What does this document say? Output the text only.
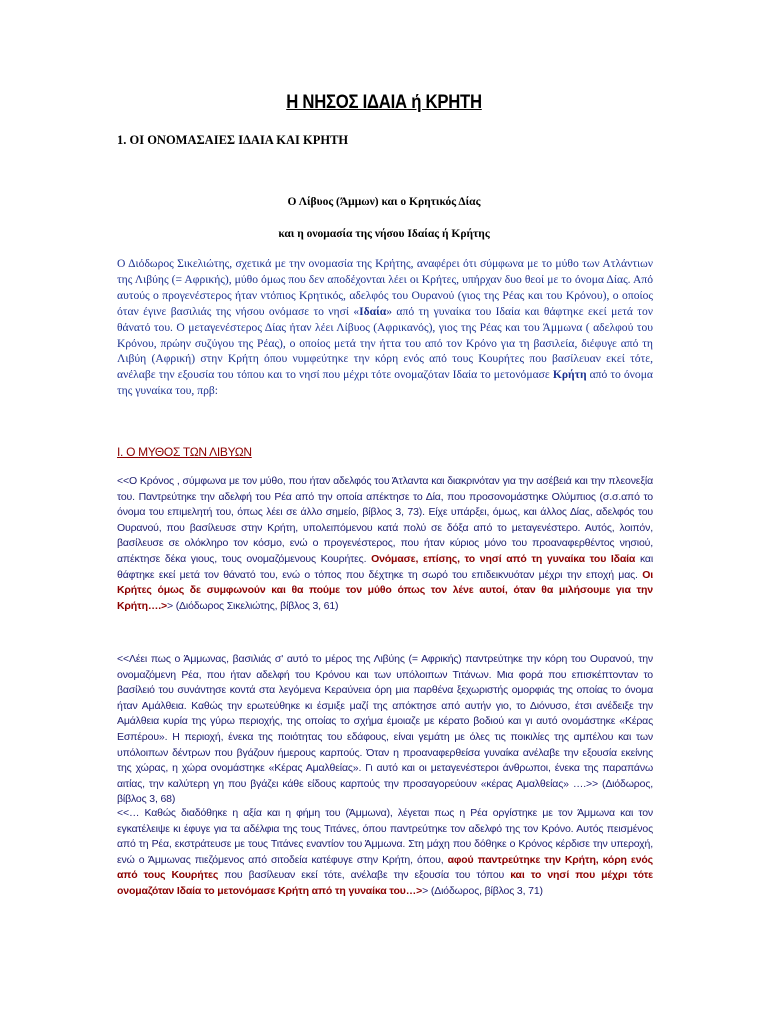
Η ΝΗΣΟΣ ΙΔΑΙΑ ή ΚΡΗΤΗ
1. ΟΙ ΟΝΟΜΑΣΑΙΕΣ ΙΔΑΙΑ ΚΑΙ ΚΡΗΤΗ
Ο Λίβυος (Άμμων) και ο Κρητικός Δίας
και η ονομασία της νήσου Ιδαίας ή Κρήτης
Ο Διόδωρος Σικελιώτης, σχετικά με την ονομασία της Κρήτης, αναφέρει ότι σύμφωνα με το μύθο των Ατλάντιων της Λιβύης (= Αφρικής), μύθο όμως που δεν αποδέχονται λέει οι Κρήτες, υπήρχαν δυο θεοί με το όνομα Δίας. Από αυτούς ο προγενέστερος ήταν ντόπιος Κρητικός, αδελφός του Ουρανού (γιος της Ρέας και του Κρόνου), ο οποίος όταν έγινε βασιλιάς της νήσου ονόμασε το νησί «Ιδαία» από τη γυναίκα του Ιδαία και θάφτηκε εκεί μετά τον θάνατό του. Ο μεταγενέστερος Δίας ήταν λέει Λίβυος (Αφρικανός), γιος της Ρέας και του Άμμωνα ( αδελφού του Κρόνου, πρώην συζύγου της Ρέας), ο οποίος μετά την ήττα του από τον Κρόνο για τη βασιλεία, διέφυγε από τη Λιβύη (Αφρική) στην Κρήτη όπου νυμφεύτηκε την κόρη ενός από τους Κουρήτες που βασίλευαν εκεί τότε, ανέλαβε την εξουσία του τόπου και το νησί που μέχρι τότε ονομαζόταν Ιδαία το μετονόμασε Κρήτη από το όνομα της γυναίκα του, πρβ:
Ι. Ο ΜΥΘΟΣ ΤΩΝ ΛΙΒΥΩΝ
<<Ο Κρόνος , σύμφωνα με τον μύθο, που ήταν αδελφός του Άτλαντα και διακρινόταν για την ασέβειά και την πλεονεξία του. Παντρεύτηκε την αδελφή του Ρέα από την οποία απέκτησε το Δία, που προσονομάστηκε Ολύμπιος (σ.σ.από το όνομα του επιμελητή του, όπως λέει σε άλλο σημείο, βίβλος 3, 73). Είχε υπάρξει, όμως, και άλλος Δίας, αδελφός του Ουρανού, που βασίλευσε στην Κρήτη, υπολειπόμενου κατά πολύ σε δόξα από το μεταγενέστερο. Αυτός, λοιπόν, βασίλευσε σε ολόκληρο τον κόσμο, ενώ ο προγενέστερος, που ήταν κύριος μόνο του προαναφερθέντος νησιού, απέκτησε δέκα γιους, τους ονομαζόμενους Κουρήτες. Ονόμασε, επίσης, το νησί από τη γυναίκα του Ιδαία και θάφτηκε εκεί μετά τον θάνατό του, ενώ ο τόπος που δέχτηκε τη σωρό του επιδεικνυόταν μέχρι την εποχή μας. Οι Κρήτες όμως δε συμφωνούν και θα πούμε τον μύθο όπως τον λένε αυτοί, όταν θα μιλήσουμε για την Κρήτη….>> (Διόδωρος Σικελιώτης, βίβλος 3, 61)
<<Λέει πως ο Άμμωνας, βασιλιάς σ' αυτό το μέρος της Λιβύης (= Αφρικής) παντρεύτηκε την κόρη του Ουρανού, την ονομαζόμενη Ρέα, που ήταν αδελφή του Κρόνου και των υπόλοιπων Τιτάνων. Μια φορά που επισκέπτονταν το βασίλειό του συνάντησε κοντά στα λεγόμενα Κεραύνεια όρη μια παρθένα ξεχωριστής ομορφιάς της οποίας το όνομα ήταν Αμάλθεια. Καθώς την ερωτεύθηκε κι έσμιξε μαζί της απόκτησε από αυτήν γιο, το Διόνυσο, έτσι ανέδειξε την Αμάλθεια κυρία της γύρω περιοχής, της οποίας το σχήμα έμοιαζε με κέρατο βοδιού και γι αυτό ονομάστηκε «Κέρας Εσπέρου». Η περιοχή, ένεκα της ποιότητας του εδάφους, είναι γεμάτη με όλες τις ποικιλίες της αμπέλου και των υπόλοιπων δέντρων που βγάζουν ήμερους καρπούς. Όταν η προαναφερθείσα γυναίκα ανέλαβε την εξουσία εκείνης της χώρας, η χώρα ονομάστηκε «Κέρας Αμαλθείας». Γι αυτό και οι μεταγενέστεροι άνθρωποι, ένεκα της παραπάνω αιτίας, την καλύτερη γη που βγάζει κάθε είδους καρπούς την προσαγορεύουν «κέρας Αμαλθείας» ….>> (Διόδωρος, βίβλος 3, 68)
<<… Καθώς διαδόθηκε η αξία και η φήμη του (Άμμωνα), λέγεται πως η Ρέα οργίστηκε με τον Άμμωνα και τον εγκατέλειψε κι έφυγε για τα αδέλφια της τους Τιτάνες, όπου παντρεύτηκε τον αδελφό της τον Κρόνο. Αυτός πεισμένος από τη Ρέα, εκστράτευσε με τους Τιτάνες εναντίον του Άμμωνα. Στη μάχη που δόθηκε ο Κρόνος κέρδισε την υπεροχή, ενώ ο Άμμωνας πιεζόμενος από σιτοδεία κατέφυγε στην Κρήτη, όπου, αφού παντρεύτηκε την Κρήτη, κόρη ενός από τους Κουρήτες που βασίλευαν εκεί τότε, ανέλαβε την εξουσία του τόπου και το νησί που μέχρι τότε ονομαζόταν Ιδαία το μετονόμασε Κρήτη από τη γυναίκα του…>> (Διόδωρος, βίβλος 3, 71)
